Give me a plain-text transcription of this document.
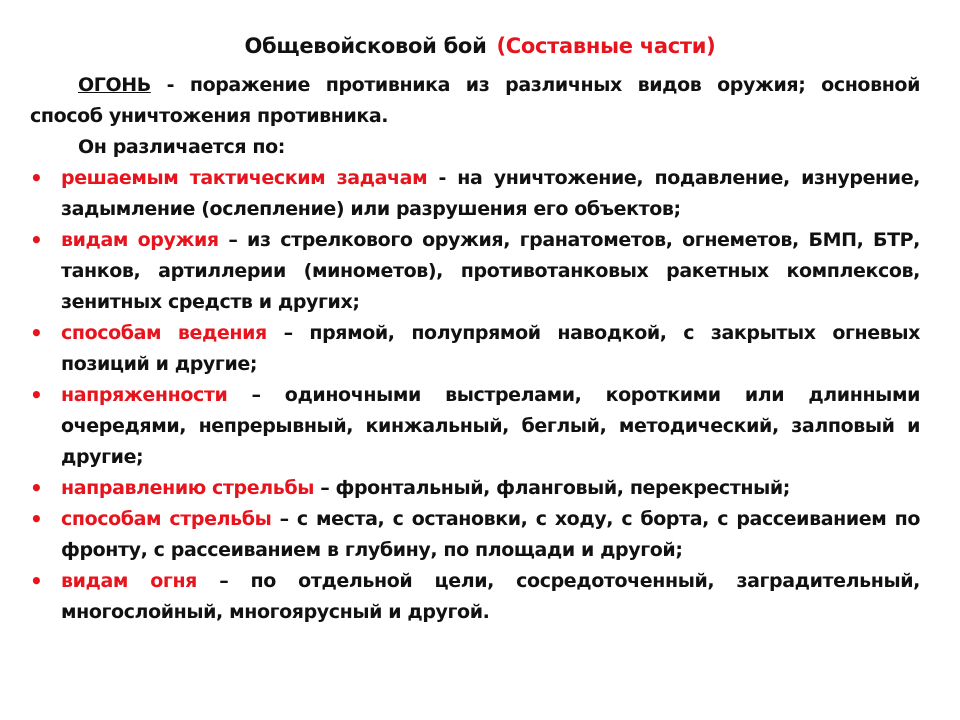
Общевойсковой бой (Составные части)

ОГОНЬ - поражение противника из различных видов оружия; основной способ уничтожения противника.

Он различается по:

• решаемым тактическим задачам - на уничтожение, подавление, изнурение, задымление (ослепление) или разрушения его объектов;
• видам оружия – из стрелкового оружия, гранатометов, огнеметов, БМП, БТР, танков, артиллерии (минометов), противотанковых ракетных комплексов, зенитных средств и других;
• способам ведения – прямой, полупрямой наводкой, с закрытых огневых позиций и другие;
• напряженности – одиночными выстрелами, короткими или длинными очередями, непрерывный, кинжальный, беглый, методический, залповый и другие;
• направлению стрельбы – фронтальный, фланговый, перекрестный;
• способам стрельбы – с места, с остановки, с ходу, с борта, с рассеиванием по фронту, с рассеиванием в глубину, по площади и другой;
• видам огня – по отдельной цели, сосредоточенный, заградительный, многослойный, многоярусный и другой.
